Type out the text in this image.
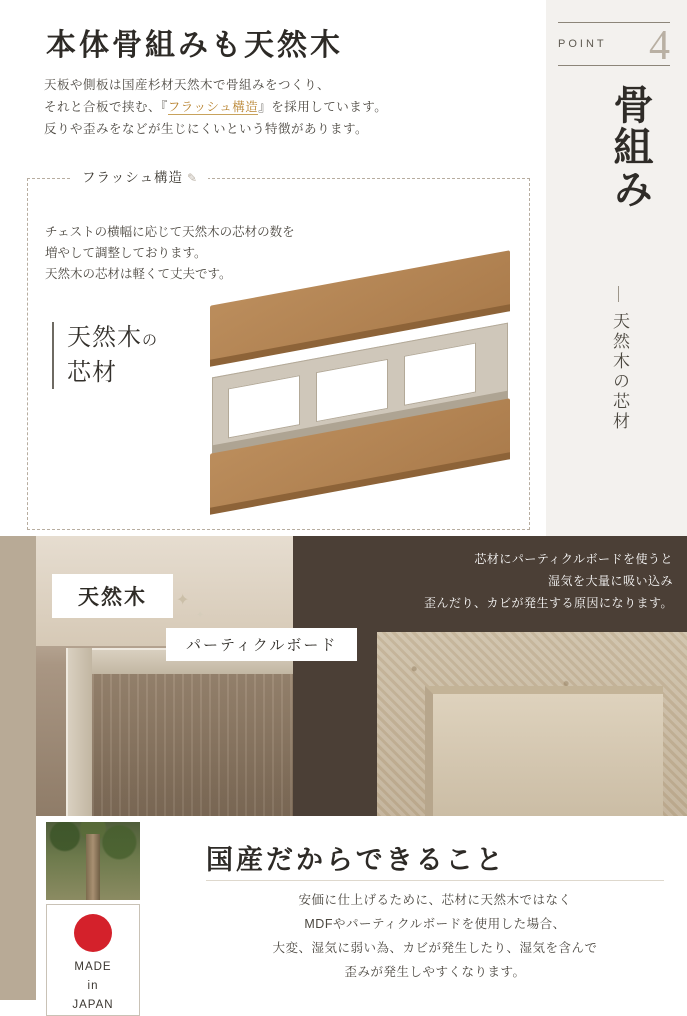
本体骨組みも天然木
天板や側板は国産杉材天然木で骨組みをつくり、
それと合板で挟む、『フラッシュ構造』を採用しています。
反りや歪みをなどが生じにくいという特徴があります。
フラッシュ構造 ✎
チェストの横幅に応じて天然木の芯材の数を
増やして調整しております。
天然木の芯材は軽くて丈夫です。
天然木の
芯材
POINT 4
骨組み
天然木の芯材
天然木	✦
✦
芯材にパーティクルボードを使うと
湿気を大量に吸い込み
歪んだり、カビが発生する原因になります。
パーティクルボード
MADE
in
JAPAN
国産だからできること
安価に仕上げるために、芯材に天然木ではなく
MDFやパーティクルボードを使用した場合、
大変、湿気に弱い為、カビが発生したり、湿気を含んで
歪みが発生しやすくなります。
